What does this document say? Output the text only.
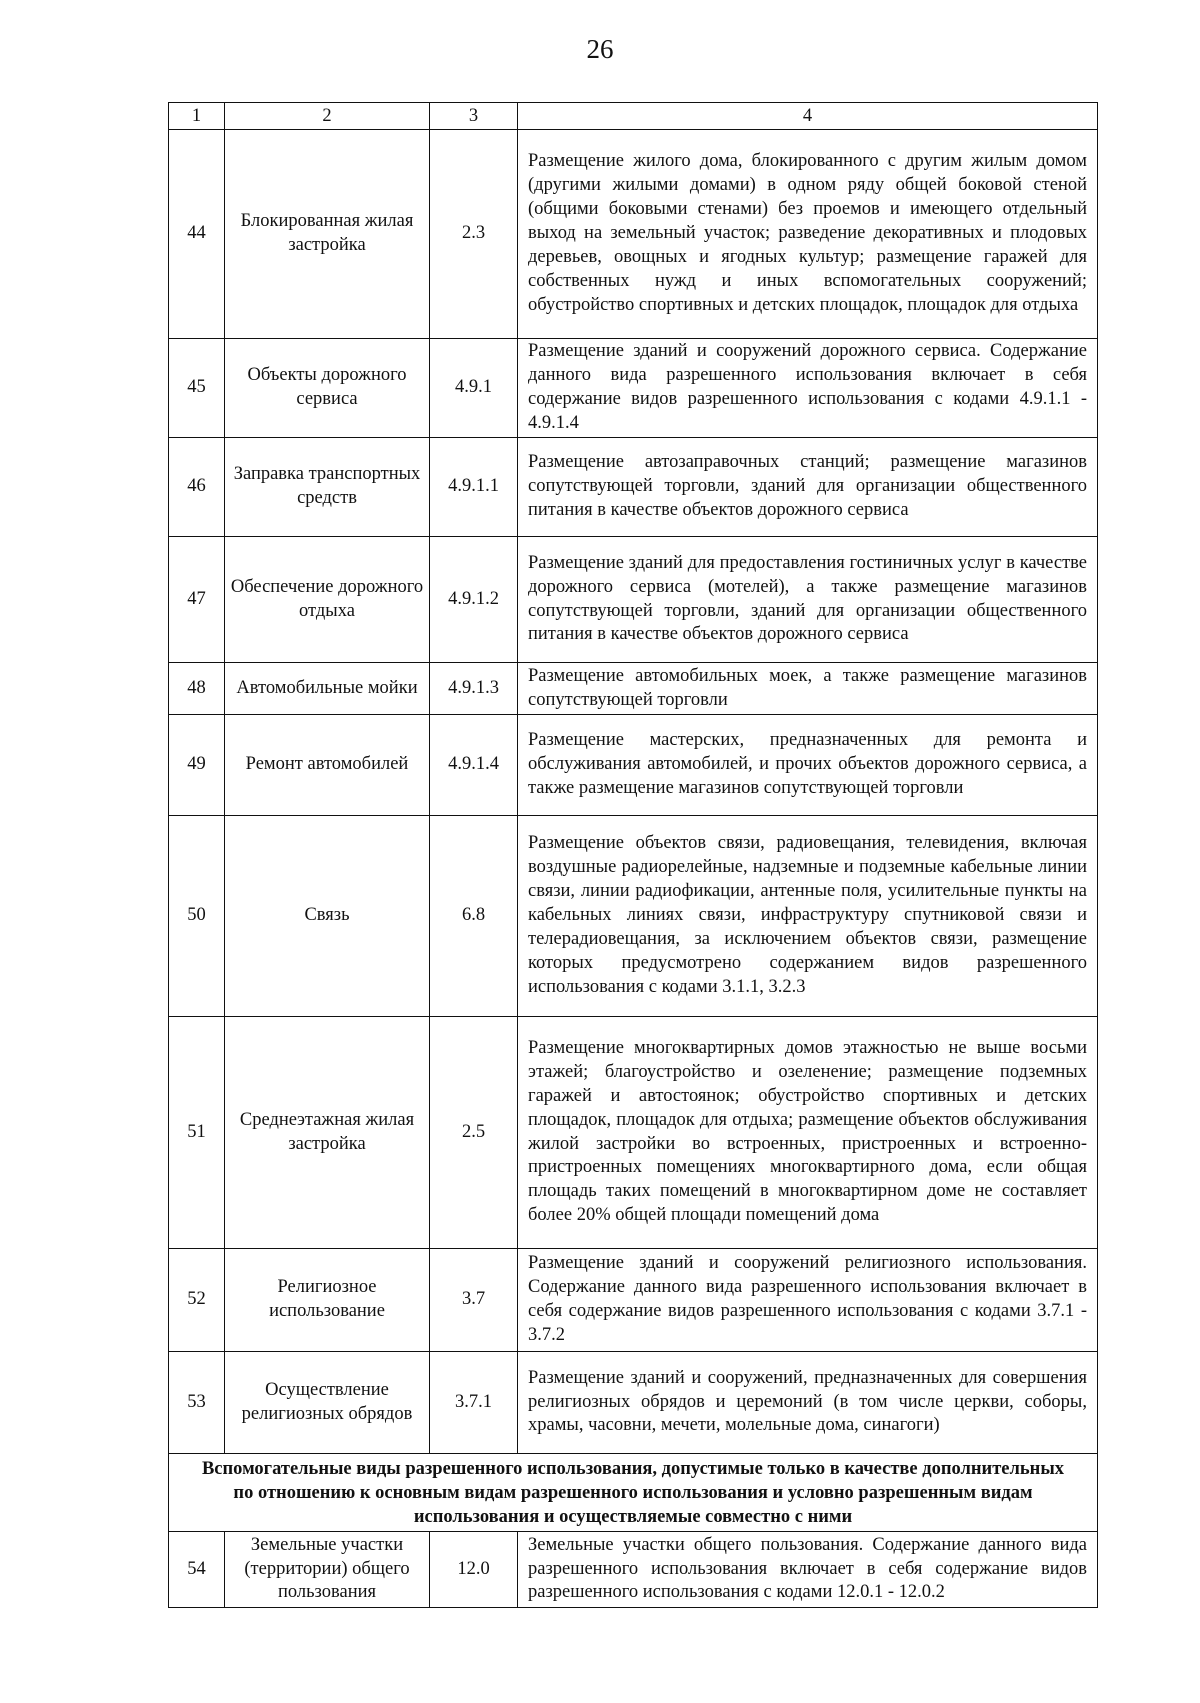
26
1	2	3	4
44	Блокированная жилая застройка	2.3	Размещение жилого дома, блокированного с другим жилым домом (другими жилыми домами) в одном ряду общей боковой стеной (общими боковыми стенами) без проемов и имеющего отдельный выход на земельный участок; разведение декоративных и плодовых деревьев, овощных и ягодных культур; размещение гаражей для собственных нужд и иных вспомогательных сооружений; обустройство спортивных и детских площадок, площадок для отдыха
45	Объекты дорожного сервиса	4.9.1	Размещение зданий и сооружений дорожного сервиса. Содержание данного вида разрешенного использования включает в себя содержание видов разрешенного использования с кодами 4.9.1.1 - 4.9.1.4
46	Заправка транспортных средств	4.9.1.1	Размещение автозаправочных станций; размещение магазинов сопутствующей торговли, зданий для организации общественного питания в качестве объектов дорожного сервиса
47	Обеспечение дорожного отдыха	4.9.1.2	Размещение зданий для предоставления гостиничных услуг в качестве дорожного сервиса (мотелей), а также размещение магазинов сопутствующей торговли, зданий для организации общественного питания в качестве объектов дорожного сервиса
48	Автомобильные мойки	4.9.1.3	Размещение автомобильных моек, а также размещение магазинов сопутствующей торговли
49	Ремонт автомобилей	4.9.1.4	Размещение мастерских, предназначенных для ремонта и обслуживания автомобилей, и прочих объектов дорожного сервиса, а также размещение магазинов сопутствующей торговли
50	Связь	6.8	Размещение объектов связи, радиовещания, телевидения, включая воздушные радиорелейные, надземные и подземные кабельные линии связи, линии радиофикации, антенные поля, усилительные пункты на кабельных линиях связи, инфраструктуру спутниковой связи и телерадиовещания, за исключением объектов связи, размещение которых предусмотрено содержанием видов разрешенного использования с кодами 3.1.1, 3.2.3
51	Среднеэтажная жилая застройка	2.5	Размещение многоквартирных домов этажностью не выше восьми этажей; благоустройство и озеленение; размещение подземных гаражей и автостоянок; обустройство спортивных и детских площадок, площадок для отдыха; размещение объектов обслуживания жилой застройки во встроенных, пристроенных и встроенно-пристроенных помещениях многоквартирного дома, если общая площадь таких помещений в многоквартирном доме не составляет более 20% общей площади помещений дома
52	Религиозное использование	3.7	Размещение зданий и сооружений религиозного использования. Содержание данного вида разрешенного использования включает в себя содержание видов разрешенного использования с кодами 3.7.1 - 3.7.2
53	Осуществление религиозных обрядов	3.7.1	Размещение зданий и сооружений, предназначенных для совершения религиозных обрядов и церемоний (в том числе церкви, соборы, храмы, часовни, мечети, молельные дома, синагоги)
Вспомогательные виды разрешенного использования, допустимые только в качестве дополнительных по отношению к основным видам разрешенного использования и условно разрешенным видам использования и осуществляемые совместно с ними			
54	Земельные участки (территории) общего пользования	12.0	Земельные участки общего пользования. Содержание данного вида разрешенного использования включает в себя содержание видов разрешенного использования с кодами 12.0.1 - 12.0.2
